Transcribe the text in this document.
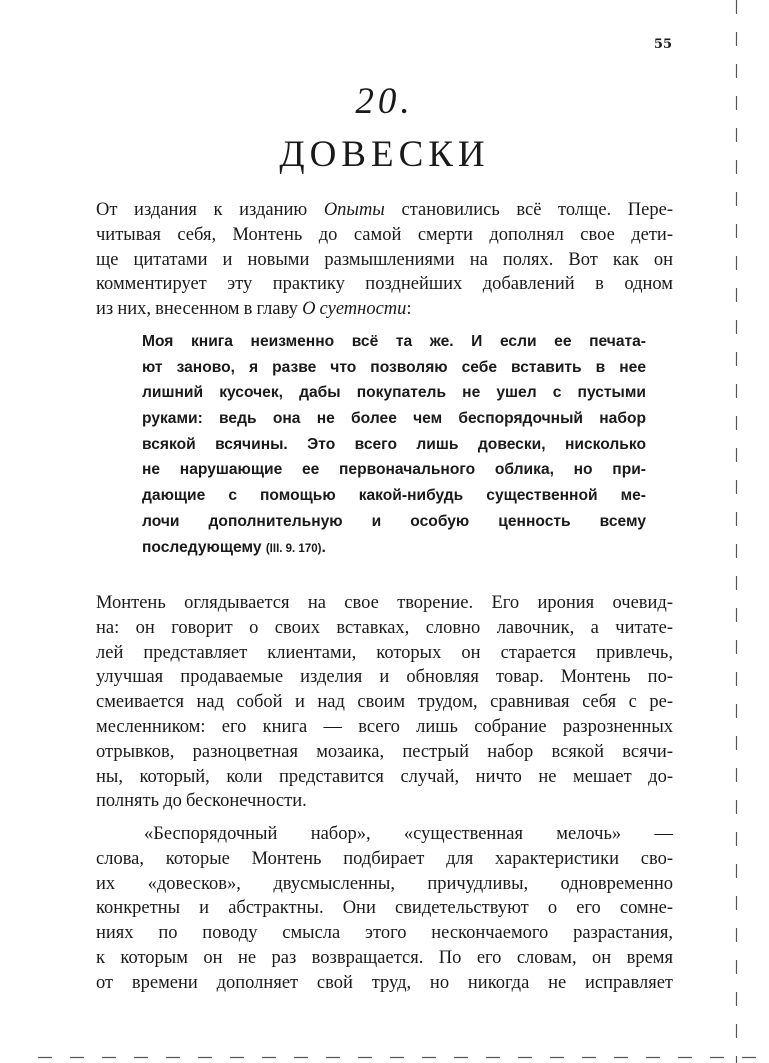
55
20.
ДОВЕСКИ
От издания к изданию Опыты становились всё толще. Пере-
читывая себя, Монтень до самой смерти дополнял свое дети-
ще цитатами и новыми размышлениями на полях. Вот как он
комментирует эту практику позднейших добавлений в одном
из них, внесенном в главу О суетности:
Моя книга неизменно всё та же. И если ее печата-
ют заново, я разве что позволяю себе вставить в нее
лишний кусочек, дабы покупатель не ушел с пустыми
руками: ведь она не более чем беспорядочный набор
всякой всячины. Это всего лишь довески, нисколько
не нарушающие ее первоначального облика, но при-
дающие с помощью какой-нибудь существенной ме-
лочи дополнительную и особую ценность всему
последующему (III. 9. 170).
Монтень оглядывается на свое творение. Его ирония очевид-
на: он говорит о своих вставках, словно лавочник, а читате-
лей представляет клиентами, которых он старается привлечь,
улучшая продаваемые изделия и обновляя товар. Монтень по-
смеивается над собой и над своим трудом, сравнивая себя с ре-
месленником: его книга — всего лишь собрание разрозненных
отрывков, разноцветная мозаика, пестрый набор всякой всячи-
ны, который, коли представится случай, ничто не мешает до-
полнять до бесконечности.
«Беспорядочный набор», «существенная мелочь» —
слова, которые Монтень подбирает для характеристики сво-
их «довесков», двусмысленны, причудливы, одновременно
конкретны и абстрактны. Они свидетельствуют о его сомне-
ниях по поводу смысла этого нескончаемого разрастания,
к которым он не раз возвращается. По его словам, он время
от времени дополняет свой труд, но никогда не исправляет
